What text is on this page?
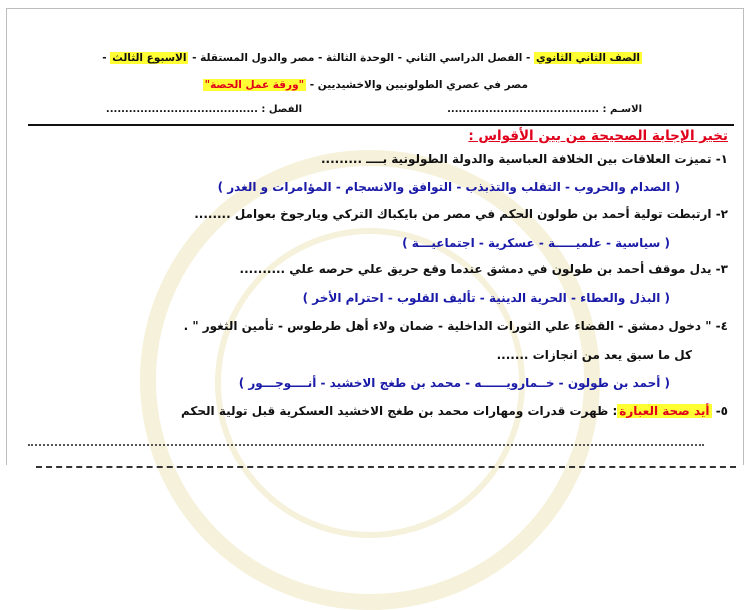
الصف الثاني الثانوي - الفصل الدراسي الثاني - الوحدة الثالثة - مصر والدول المستقلة - الاسبوع الثالث -
مصر في عصري الطولونيين والاخشيديين - "ورقة عمل الحصة"
الاسـم : ........................................
الفصل : ........................................
تخير الإجابة الصحيحة من بين الأقواس :
١- تميزت العلاقات بين الخلافة العباسية والدولة الطولونية بــــ .........
( الصدام والحروب - التقلب والتذبذب - التوافق والانسجام - المؤامرات و الغدر )
٢- ارتبطت تولية أحمد بن طولون الحكم في مصر من بايكباك التركي ويارجوخ بعوامل ........
( سياسية - علميـــــة - عسكرية - اجتماعيـــة )
٣- يدل موقف أحمد بن طولون في دمشق عندما وقع حريق علي حرصه علي ..........
( البذل والعطاء - الحرية الدينية - تأليف القلوب - احترام الأخر )
٤- " دخول دمشق - القضاء علي الثورات الداخلية - ضمان ولاء أهل طرطوس - تأمين الثغور " .
كل ما سبق يعد من انجازات .......
( أحمد بن طولون - خــمارويــــــه - محمد بن طغج الاخشيد - أنــــوجـــور )
٥- أيد صحة العبارة: ظهرت قدرات ومهارات محمد بن طغج الاخشيد العسكرية قبل تولية الحكم
